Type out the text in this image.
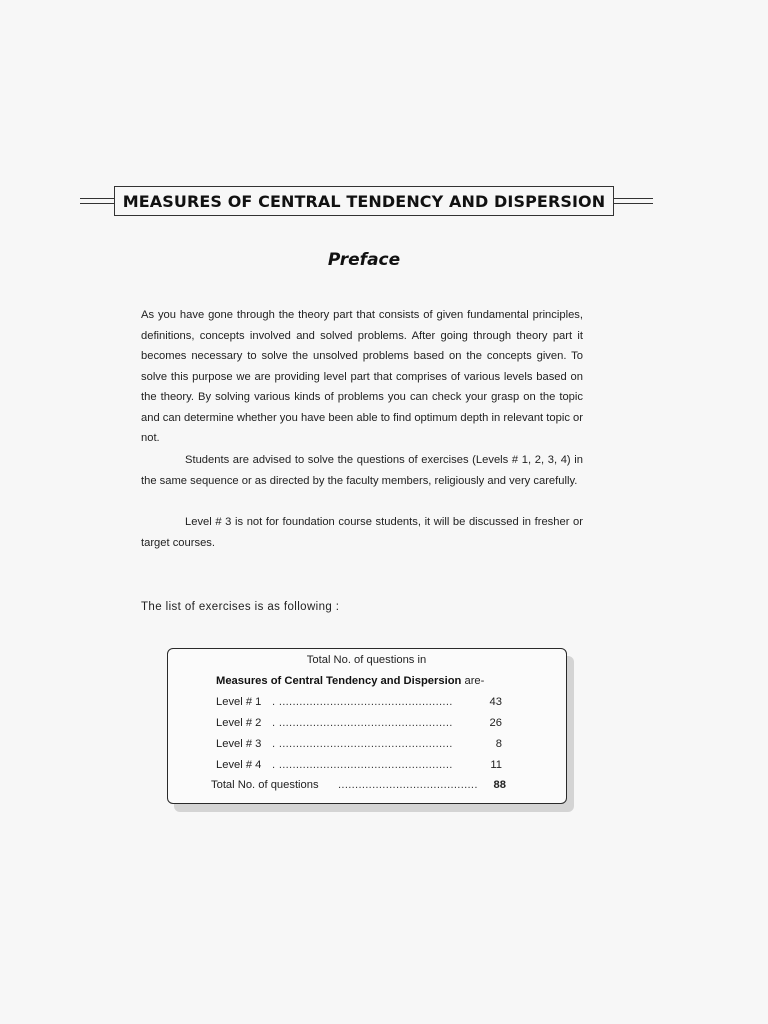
MEASURES OF CENTRAL TENDENCY AND DISPERSION
Preface
As you have gone through the theory part that consists of given fundamental principles, definitions, concepts involved and solved problems. After going through theory part it becomes necessary to solve the unsolved problems based on the concepts given. To solve this purpose we are providing level part that comprises of various levels based on the theory. By solving various kinds of problems you can check your grasp on the topic and can determine whether you have been able to find optimum depth in relevant topic or not.
Students are advised to solve the questions of exercises (Levels # 1, 2, 3, 4) in the same sequence or as directed by the faculty members, religiously and very carefully.
Level # 3 is not for foundation course students, it will be discussed in fresher or target courses.
The list of exercises is as following :
Total No. of questions in
Measures of Central Tendency and Dispersion are-
Level # 1 . ...................................................	43
Level # 2 . ...................................................	26
Level # 3 . ...................................................	8
Level # 4 . ...................................................	11
Total No. of questions .........................................	88
